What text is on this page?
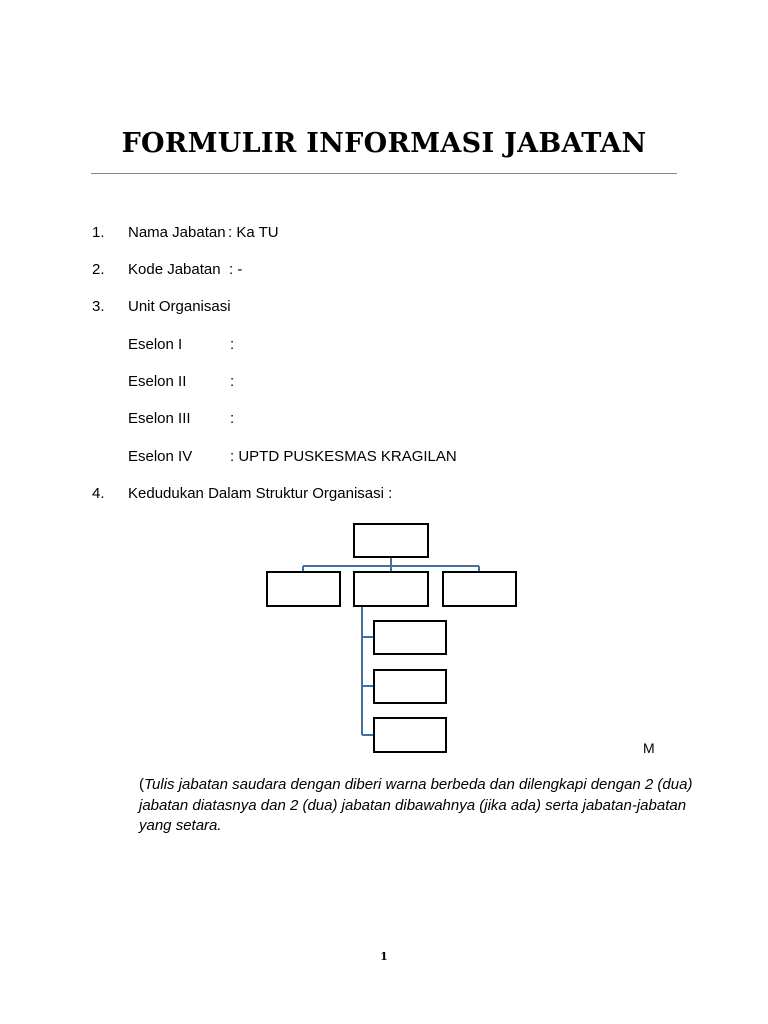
FORMULIR INFORMASI JABATAN
1. Nama Jabatan : Ka TU
2. Kode Jabatan : -
3. Unit Organisasi
Eselon I	:
Eselon II	:
Eselon III	:
Eselon IV	: UPTD PUSKESMAS KRAGILAN
4. Kedudukan Dalam Struktur Organisasi :
M
(Tulis jabatan saudara dengan diberi warna berbeda dan dilengkapi dengan 2 (dua) jabatan diatasnya dan 2 (dua) jabatan dibawahnya (jika ada) serta jabatan-jabatan yang setara.
1
